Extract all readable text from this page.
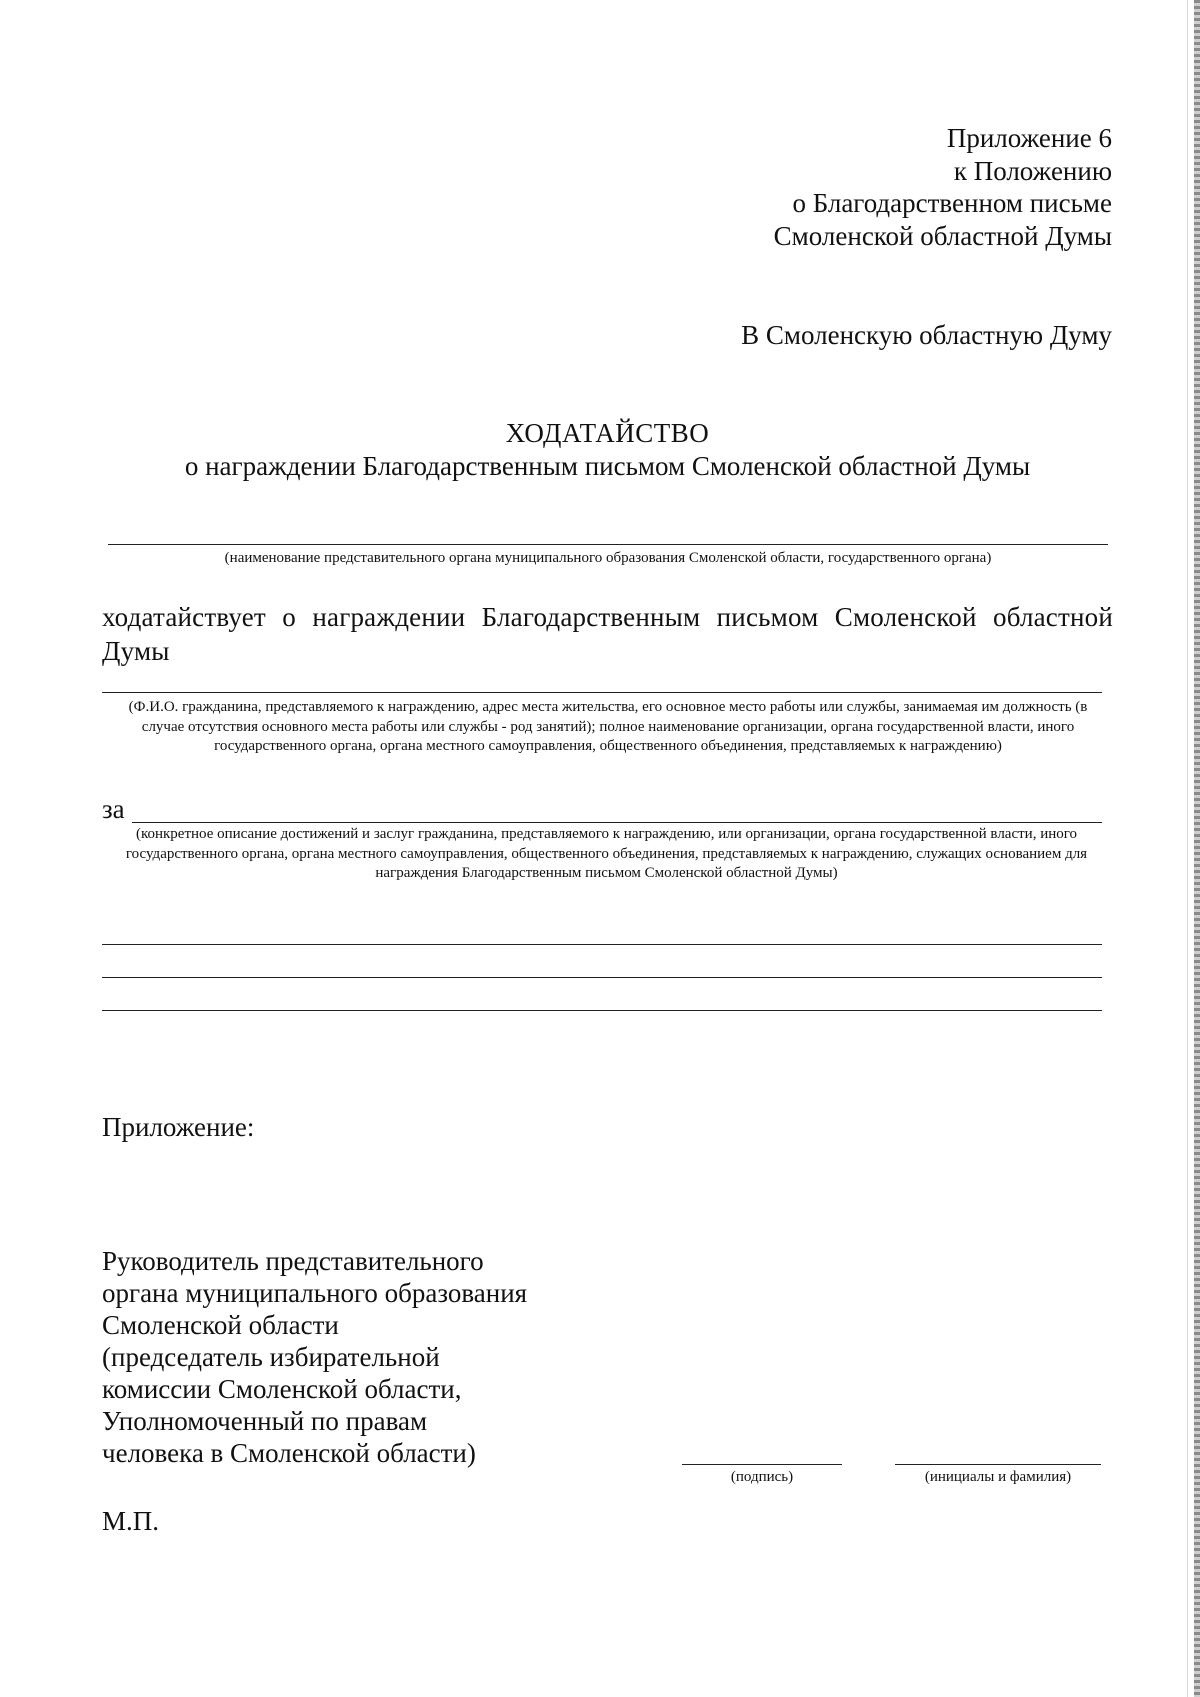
Приложение 6
к Положению
о Благодарственном письме
Смоленской областной Думы
В Смоленскую областную Думу
ХОДАТАЙСТВО
о награждении Благодарственным письмом Смоленской областной Думы
(наименование представительного органа муниципального образования Смоленской области, государственного органа)
ходатайствует о награждении Благодарственным письмом Смоленской областной Думы
(Ф.И.О. гражданина, представляемого к награждению, адрес места жительства, его основное место работы или службы, занимаемая им должность (в случае отсутствия основного места работы или службы - род занятий); полное наименование организации, органа государственной власти, иного государственного органа, органа местного самоуправления, общественного объединения, представляемых к награждению)
за
(конкретное описание достижений и заслуг гражданина, представляемого к награждению, или организации, органа государственной власти, иного государственного органа, органа местного самоуправления, общественного объединения, представляемых к награждению, служащих основанием для награждения Благодарственным письмом Смоленской областной Думы)
Приложение:
Руководитель представительного
органа муниципального образования
Смоленской области
(председатель избирательной
комиссии Смоленской области,
Уполномоченный по правам
человека в Смоленской области)
(подпись)	(инициалы и фамилия)
М.П.
